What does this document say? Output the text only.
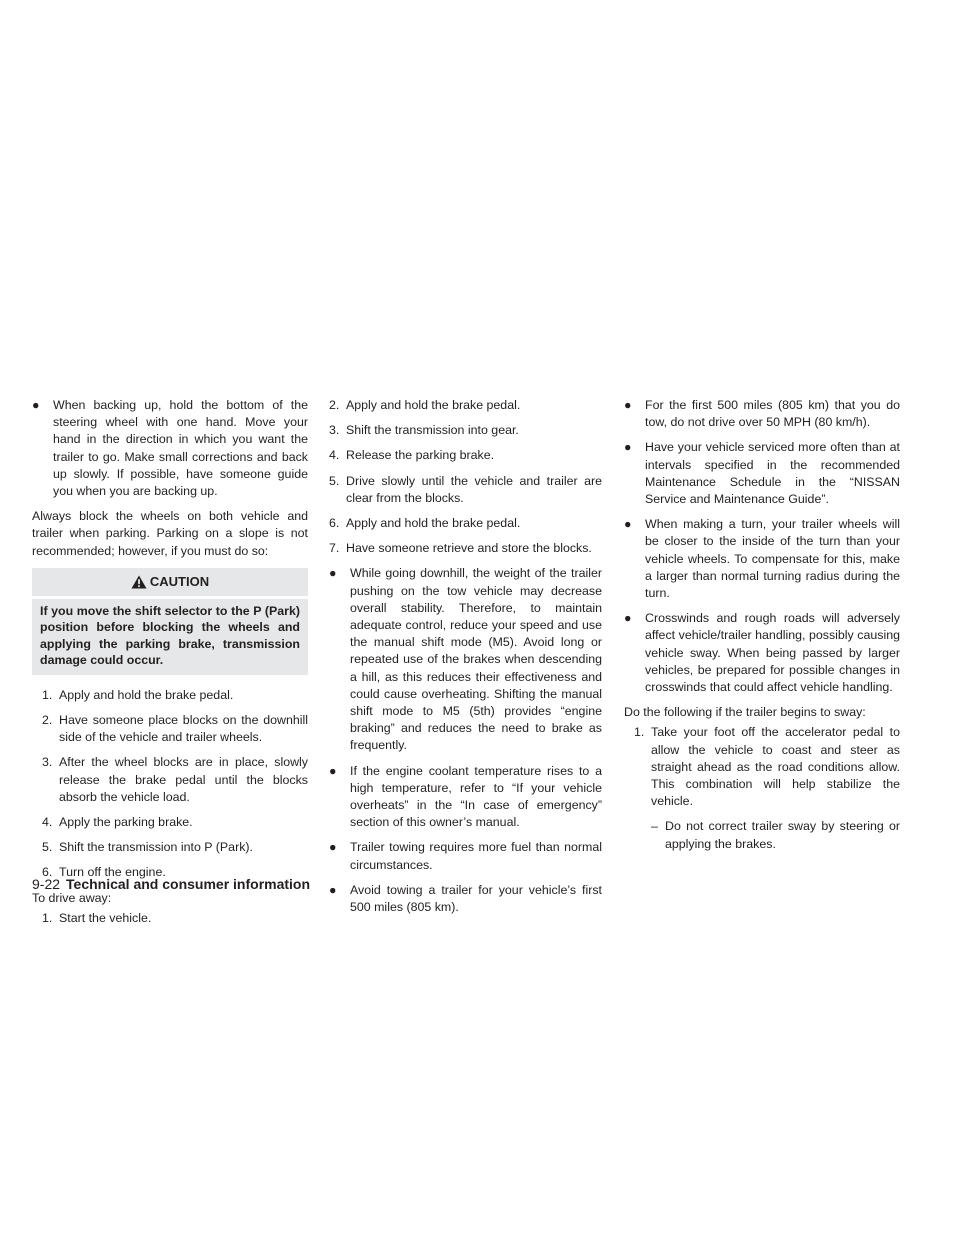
● When backing up, hold the bottom of the steering wheel with one hand. Move your hand in the direction in which you want the trailer to go. Make small corrections and back up slowly. If possible, have someone guide you when you are backing up.

Always block the wheels on both vehicle and trailer when parking. Parking on a slope is not recommended; however, if you must do so:

CAUTION
If you move the shift selector to the P (Park) position before blocking the wheels and applying the parking brake, transmission damage could occur.
1. Apply and hold the brake pedal.
2. Have someone place blocks on the downhill side of the vehicle and trailer wheels.
3. After the wheel blocks are in place, slowly release the brake pedal until the blocks absorb the vehicle load.
4. Apply the parking brake.
5. Shift the transmission into P (Park).
6. Turn off the engine.

To drive away:

1. Start the vehicle.
2. Apply and hold the brake pedal.
3. Shift the transmission into gear.
4. Release the parking brake.
5. Drive slowly until the vehicle and trailer are clear from the blocks.
6. Apply and hold the brake pedal.
7. Have someone retrieve and store the blocks.
● While going downhill, the weight of the trailer pushing on the tow vehicle may decrease overall stability. Therefore, to maintain adequate control, reduce your speed and use the manual shift mode (M5). Avoid long or repeated use of the brakes when descending a hill, as this reduces their effectiveness and could cause overheating. Shifting the manual shift mode to M5 (5th) provides “engine braking” and reduces the need to brake as frequently.
● If the engine coolant temperature rises to a high temperature, refer to “If your vehicle overheats” in the “In case of emergency” section of this owner’s manual.
● Trailer towing requires more fuel than normal circumstances.
● Avoid towing a trailer for your vehicle’s first 500 miles (805 km).
● For the first 500 miles (805 km) that you do tow, do not drive over 50 MPH (80 km/h).
● Have your vehicle serviced more often than at intervals specified in the recommended Maintenance Schedule in the “NISSAN Service and Maintenance Guide”.
● When making a turn, your trailer wheels will be closer to the inside of the turn than your vehicle wheels. To compensate for this, make a larger than normal turning radius during the turn.
● Crosswinds and rough roads will adversely affect vehicle/trailer handling, possibly causing vehicle sway. When being passed by larger vehicles, be prepared for possible changes in crosswinds that could affect vehicle handling.

Do the following if the trailer begins to sway:

1. Take your foot off the accelerator pedal to allow the vehicle to coast and steer as straight ahead as the road conditions allow. This combination will help stabilize the vehicle.
– Do not correct trailer sway by steering or applying the brakes.
9-22 Technical and consumer information
